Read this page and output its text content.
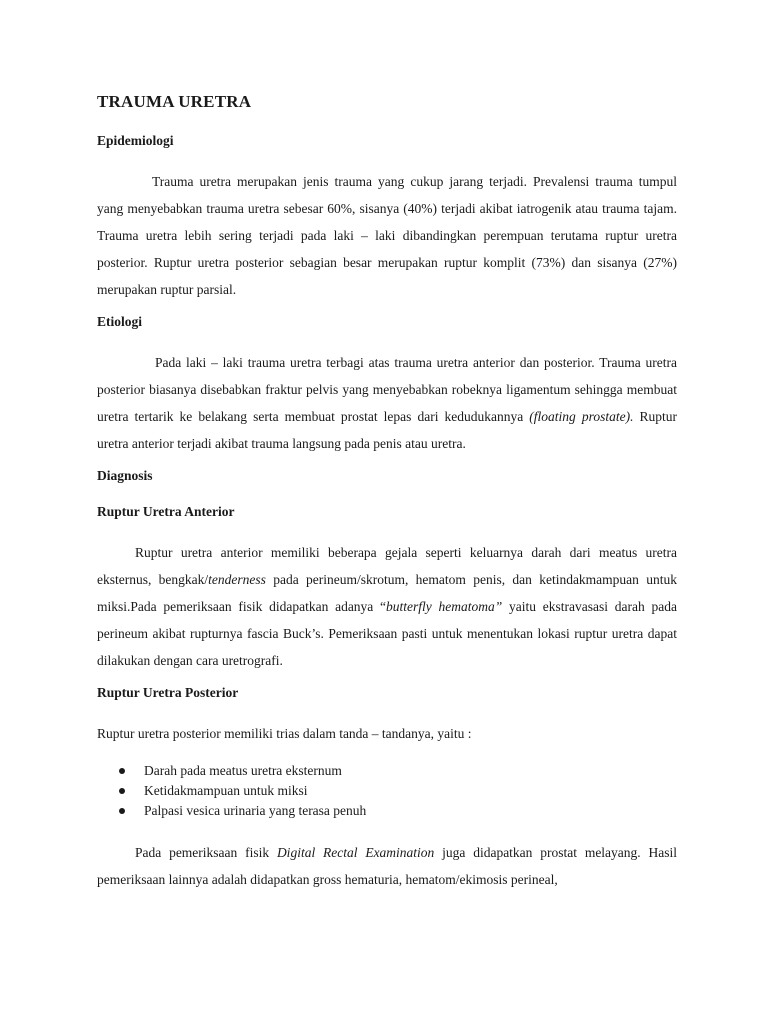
TRAUMA URETRA
Epidemiologi

Trauma uretra merupakan jenis trauma yang cukup jarang terjadi. Prevalensi trauma tumpul yang menyebabkan trauma uretra sebesar 60%, sisanya (40%) terjadi akibat iatrogenik atau trauma tajam. Trauma uretra lebih sering terjadi pada laki – laki dibandingkan perempuan terutama ruptur uretra posterior. Ruptur uretra posterior sebagian besar merupakan ruptur komplit (73%) dan sisanya (27%) merupakan ruptur parsial.

Etiologi

Pada laki – laki trauma uretra terbagi atas trauma uretra anterior dan posterior. Trauma uretra posterior biasanya disebabkan fraktur pelvis yang menyebabkan robeknya ligamentum sehingga membuat uretra tertarik ke belakang serta membuat prostat lepas dari kedudukannya (floating prostate). Ruptur uretra anterior terjadi akibat trauma langsung pada penis atau uretra.

Diagnosis
Ruptur Uretra Anterior

Ruptur uretra anterior memiliki beberapa gejala seperti keluarnya darah dari meatus uretra eksternus, bengkak/tenderness pada perineum/skrotum, hematom penis, dan ketindakmampuan untuk miksi.Pada pemeriksaan fisik didapatkan adanya “butterfly hematoma” yaitu ekstravasasi darah pada perineum akibat rupturnya fascia Buck’s. Pemeriksaan pasti untuk menentukan lokasi ruptur uretra dapat dilakukan dengan cara uretrografi.

Ruptur Uretra Posterior

Ruptur uretra posterior memiliki trias dalam tanda – tandanya, yaitu :

Darah pada meatus uretra eksternum
Ketidakmampuan untuk miksi
Palpasi vesica urinaria yang terasa penuh

Pada pemeriksaan fisik Digital Rectal Examination juga didapatkan prostat melayang. Hasil pemeriksaan lainnya adalah didapatkan gross hematuria, hematom/ekimosis perineal,
